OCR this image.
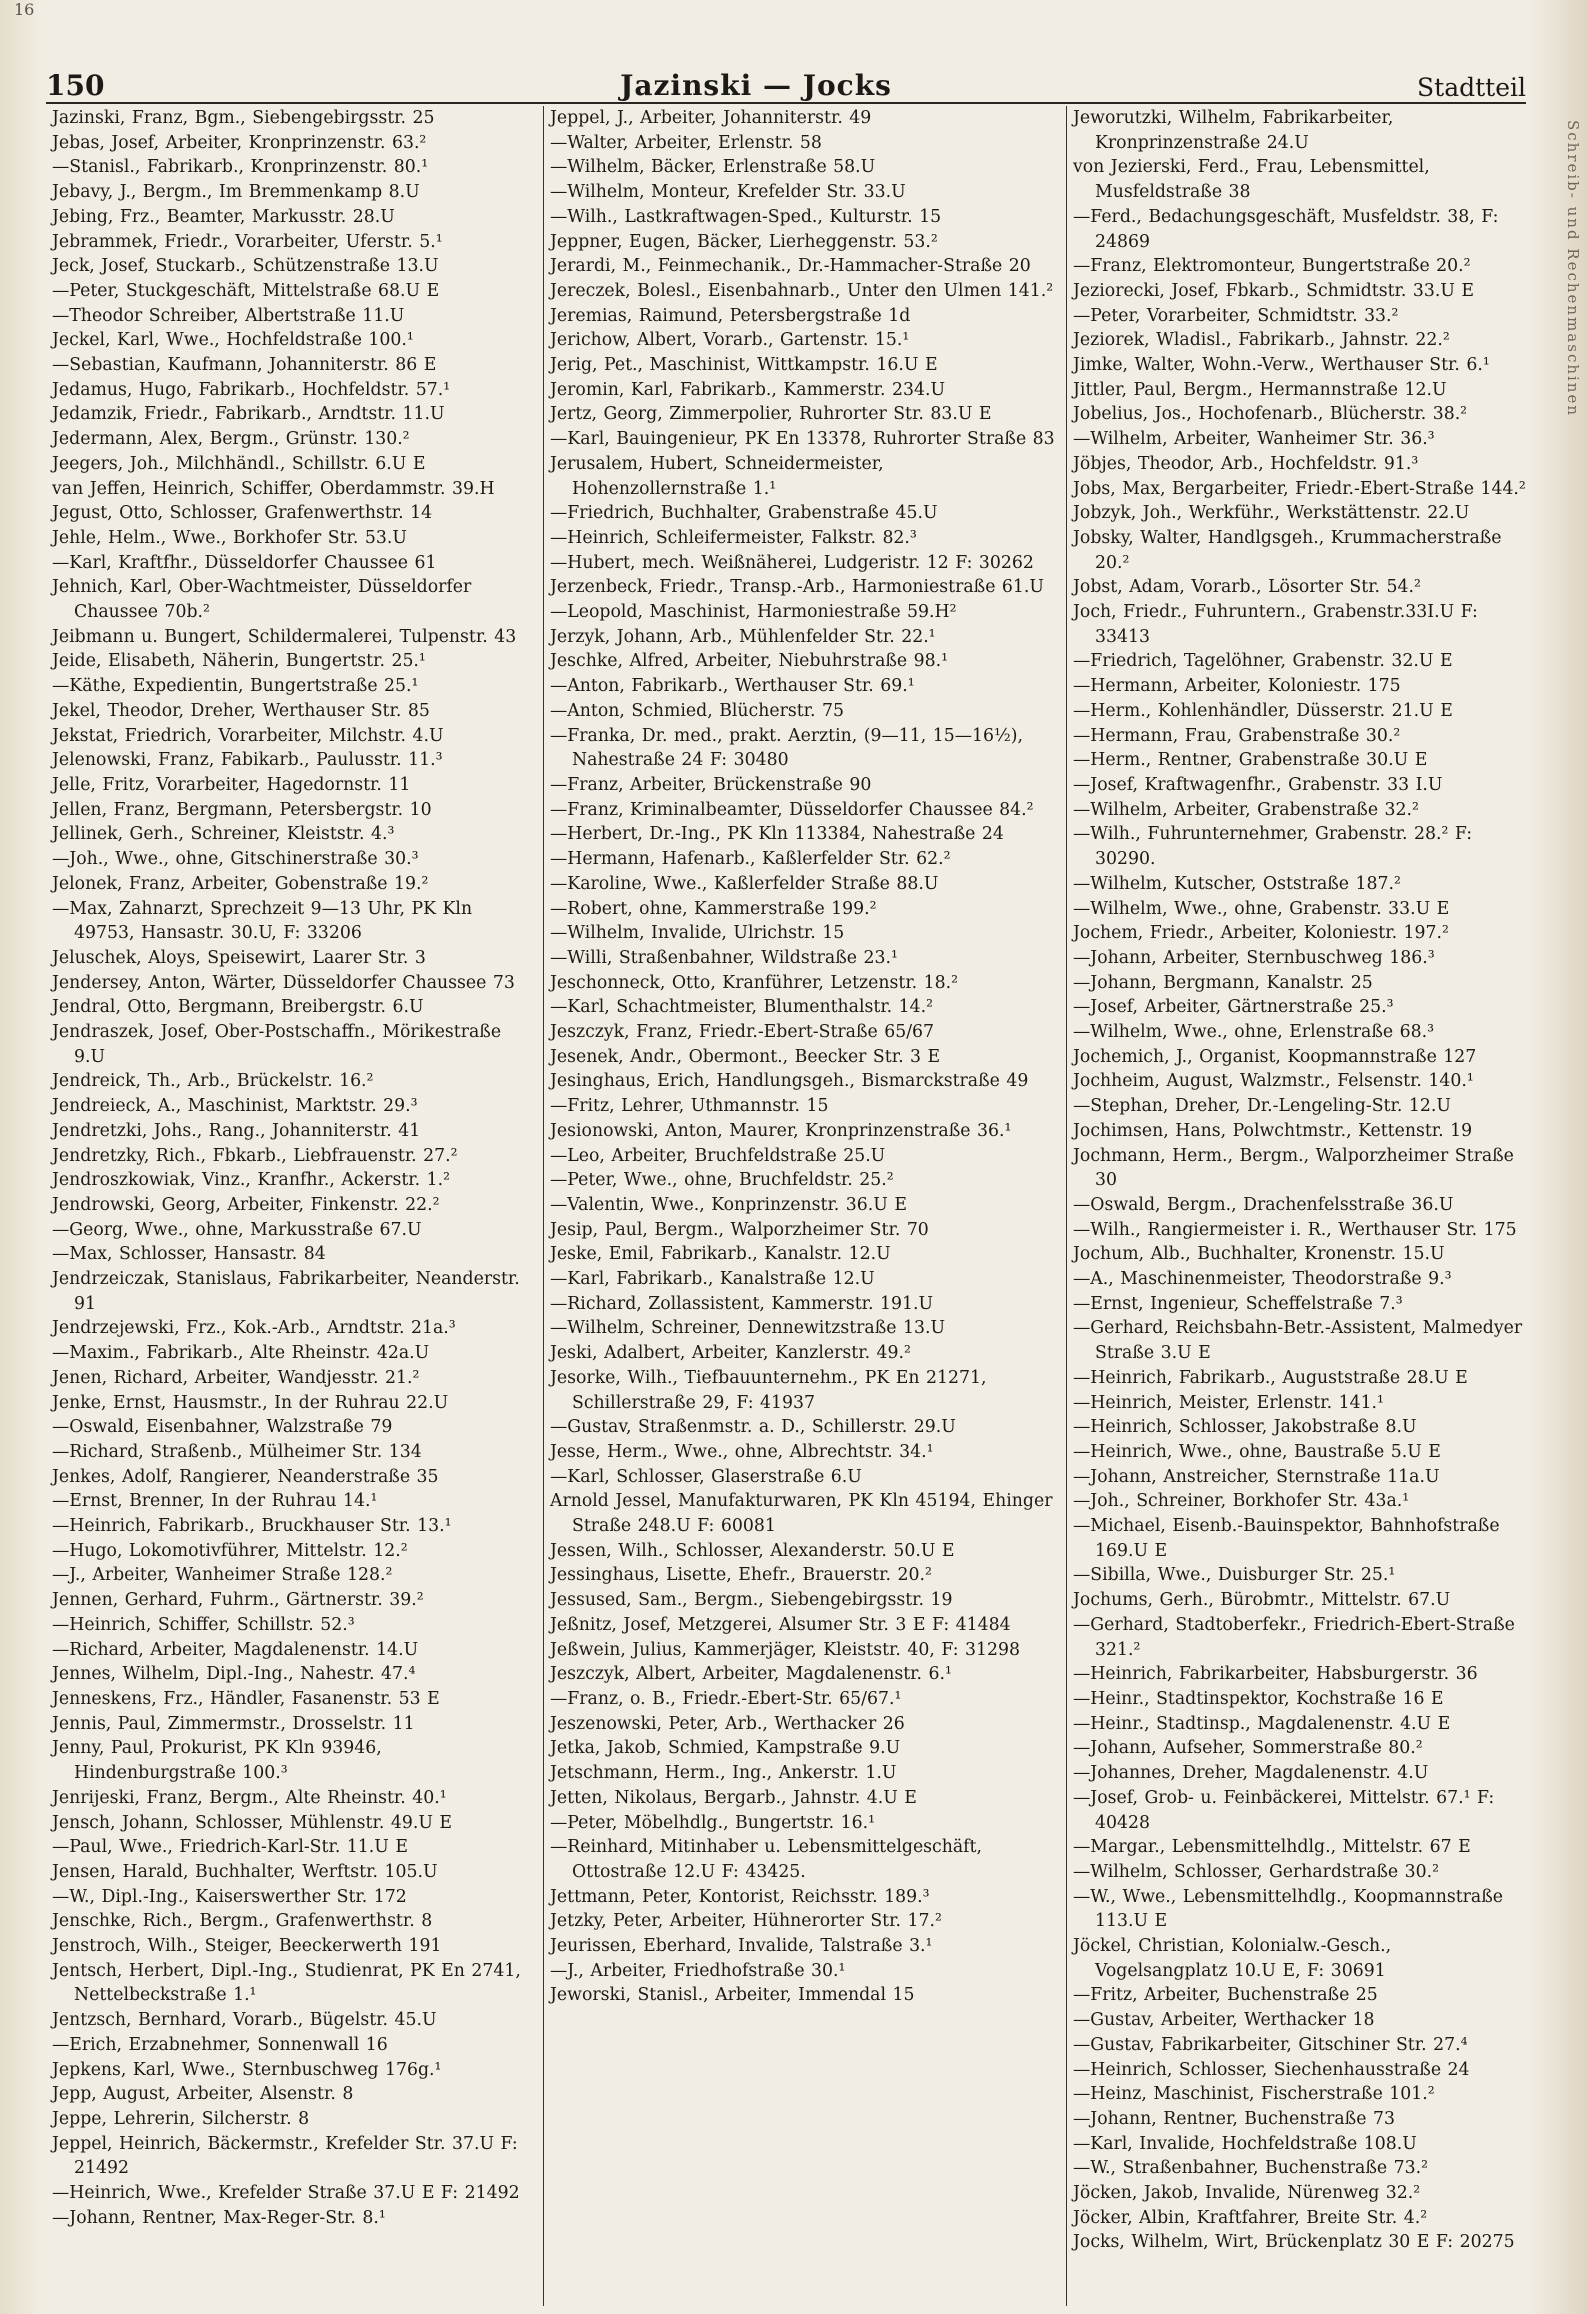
16
150	Jazinski — Jocks	Stadtteil
Jazinski, Franz, Bgm., Siebengebirgsstr. 25
Jebas, Josef, Arbeiter, Kronprinzenstr. 63.²
—Stanisl., Fabrikarb., Kronprinzenstr. 80.¹
Jebavy, J., Bergm., Im Bremmenkamp 8.U
Jebing, Frz., Beamter, Markusstr. 28.U
Jebrammek, Friedr., Vorarbeiter, Uferstr. 5.¹
Jeck, Josef, Stuckarb., Schützenstraße 13.U
—Peter, Stuckgeschäft, Mittelstraße 68.U E
—Theodor Schreiber, Albertstraße 11.U
Jeckel, Karl, Wwe., Hochfeldstraße 100.¹
—Sebastian, Kaufmann, Johanniterstr. 86 E
Jedamus, Hugo, Fabrikarb., Hochfeldstr. 57.¹
Jedamzik, Friedr., Fabrikarb., Arndtstr. 11.U
Jedermann, Alex, Bergm., Grünstr. 130.²
Jeegers, Joh., Milchhändl., Schillstr. 6.U E
van Jeffen, Heinrich, Schiffer, Oberdammstr. 39.H
Jegust, Otto, Schlosser, Grafenwerthstr. 14
Jehle, Helm., Wwe., Borkhofer Str. 53.U
—Karl, Kraftfhr., Düsseldorfer Chaussee 61
Jehnich, Karl, Ober-Wachtmeister, Düsseldorfer Chaussee 70b.²
Jeibmann u. Bungert, Schildermalerei, Tulpenstr. 43
Jeide, Elisabeth, Näherin, Bungertstr. 25.¹
—Käthe, Expedientin, Bungertstraße 25.¹
Jekel, Theodor, Dreher, Werthauser Str. 85
Jekstat, Friedrich, Vorarbeiter, Milchstr. 4.U
Jelenowski, Franz, Fabikarb., Paulusstr. 11.³
Jelle, Fritz, Vorarbeiter, Hagedornstr. 11
Jellen, Franz, Bergmann, Petersbergstr. 10
Jellinek, Gerh., Schreiner, Kleiststr. 4.³
—Joh., Wwe., ohne, Gitschinerstraße 30.³
Jelonek, Franz, Arbeiter, Gobenstraße 19.²
—Max, Zahnarzt, Sprechzeit 9—13 Uhr, PK Kln 49753, Hansastr. 30.U, F: 33206
Jeluschek, Aloys, Speisewirt, Laarer Str. 3
Jendersey, Anton, Wärter, Düsseldorfer Chaussee 73
Jendral, Otto, Bergmann, Breibergstr. 6.U
Jendraszek, Josef, Ober-Postschaffn., Mörikestraße 9.U
Jendreick, Th., Arb., Brückelstr. 16.²
Jendreieck, A., Maschinist, Marktstr. 29.³
Jendretzki, Johs., Rang., Johanniterstr. 41
Jendretzky, Rich., Fbkarb., Liebfrauenstr. 27.²
Jendroszkowiak, Vinz., Kranfhr., Ackerstr. 1.²
Jendrowski, Georg, Arbeiter, Finkenstr. 22.²
—Georg, Wwe., ohne, Markusstraße 67.U
—Max, Schlosser, Hansastr. 84
Jendrzeiczak, Stanislaus, Fabrikarbeiter, Neanderstr. 91
Jendrzejewski, Frz., Kok.-Arb., Arndtstr. 21a.³
—Maxim., Fabrikarb., Alte Rheinstr. 42a.U
Jenen, Richard, Arbeiter, Wandjesstr. 21.²
Jenke, Ernst, Hausmstr., In der Ruhrau 22.U
—Oswald, Eisenbahner, Walzstraße 79
—Richard, Straßenb., Mülheimer Str. 134
Jenkes, Adolf, Rangierer, Neanderstraße 35
—Ernst, Brenner, In der Ruhrau 14.¹
—Heinrich, Fabrikarb., Bruckhauser Str. 13.¹
—Hugo, Lokomotivführer, Mittelstr. 12.²
—J., Arbeiter, Wanheimer Straße 128.²
Jennen, Gerhard, Fuhrm., Gärtnerstr. 39.²
—Heinrich, Schiffer, Schillstr. 52.³
—Richard, Arbeiter, Magdalenenstr. 14.U
Jennes, Wilhelm, Dipl.-Ing., Nahestr. 47.⁴
Jenneskens, Frz., Händler, Fasanenstr. 53 E
Jennis, Paul, Zimmermstr., Drosselstr. 11
Jenny, Paul, Prokurist, PK Kln 93946, Hindenburgstraße 100.³
Jenrijeski, Franz, Bergm., Alte Rheinstr. 40.¹
Jensch, Johann, Schlosser, Mühlenstr. 49.U E
—Paul, Wwe., Friedrich-Karl-Str. 11.U E
Jensen, Harald, Buchhalter, Werftstr. 105.U
—W., Dipl.-Ing., Kaiserswerther Str. 172
Jenschke, Rich., Bergm., Grafenwerthstr. 8
Jenstroch, Wilh., Steiger, Beeckerwerth 191
Jentsch, Herbert, Dipl.-Ing., Studienrat, PK En 2741, Nettelbeckstraße 1.¹
Jentzsch, Bernhard, Vorarb., Bügelstr. 45.U
—Erich, Erzabnehmer, Sonnenwall 16
Jepkens, Karl, Wwe., Sternbuschweg 176g.¹
Jepp, August, Arbeiter, Alsenstr. 8
Jeppe, Lehrerin, Silcherstr. 8
Jeppel, Heinrich, Bäckermstr., Krefelder Str. 37.U F: 21492
—Heinrich, Wwe., Krefelder Straße 37.U E F: 21492
—Johann, Rentner, Max-Reger-Str. 8.¹
Jeppel, J., Arbeiter, Johanniterstr. 49
—Walter, Arbeiter, Erlenstr. 58
—Wilhelm, Bäcker, Erlenstraße 58.U
—Wilhelm, Monteur, Krefelder Str. 33.U
—Wilh., Lastkraftwagen-Sped., Kulturstr. 15
Jeppner, Eugen, Bäcker, Lierheggenstr. 53.²
Jerardi, M., Feinmechanik., Dr.-Hammacher-Straße 20
Jereczek, Bolesl., Eisenbahnarb., Unter den Ulmen 141.²
Jeremias, Raimund, Petersbergstraße 1d
Jerichow, Albert, Vorarb., Gartenstr. 15.¹
Jerig, Pet., Maschinist, Wittkampstr. 16.U E
Jeromin, Karl, Fabrikarb., Kammerstr. 234.U
Jertz, Georg, Zimmerpolier, Ruhrorter Str. 83.U E
—Karl, Bauingenieur, PK En 13378, Ruhrorter Straße 83
Jerusalem, Hubert, Schneidermeister, Hohenzollernstraße 1.¹
—Friedrich, Buchhalter, Grabenstraße 45.U
—Heinrich, Schleifermeister, Falkstr. 82.³
—Hubert, mech. Weißnäherei, Ludgeristr. 12 F: 30262
Jerzenbeck, Friedr., Transp.-Arb., Harmoniestraße 61.U
—Leopold, Maschinist, Harmoniestraße 59.H²
Jerzyk, Johann, Arb., Mühlenfelder Str. 22.¹
Jeschke, Alfred, Arbeiter, Niebuhrstraße 98.¹
—Anton, Fabrikarb., Werthauser Str. 69.¹
—Anton, Schmied, Blücherstr. 75
—Franka, Dr. med., prakt. Aerztin, (9—11, 15—16½), Nahestraße 24 F: 30480
—Franz, Arbeiter, Brückenstraße 90
—Franz, Kriminalbeamter, Düsseldorfer Chaussee 84.²
—Herbert, Dr.-Ing., PK Kln 113384, Nahestraße 24
—Hermann, Hafenarb., Kaßlerfelder Str. 62.²
—Karoline, Wwe., Kaßlerfelder Straße 88.U
—Robert, ohne, Kammerstraße 199.²
—Wilhelm, Invalide, Ulrichstr. 15
—Willi, Straßenbahner, Wildstraße 23.¹
Jeschonneck, Otto, Kranführer, Letzenstr. 18.²
—Karl, Schachtmeister, Blumenthalstr. 14.²
Jeszczyk, Franz, Friedr.-Ebert-Straße 65/67
Jesenek, Andr., Obermont., Beecker Str. 3 E
Jesinghaus, Erich, Handlungsgeh., Bismarckstraße 49
—Fritz, Lehrer, Uthmannstr. 15
Jesionowski, Anton, Maurer, Kronprinzenstraße 36.¹
—Leo, Arbeiter, Bruchfeldstraße 25.U
—Peter, Wwe., ohne, Bruchfeldstr. 25.²
—Valentin, Wwe., Konprinzenstr. 36.U E
Jesip, Paul, Bergm., Walporzheimer Str. 70
Jeske, Emil, Fabrikarb., Kanalstr. 12.U
—Karl, Fabrikarb., Kanalstraße 12.U
—Richard, Zollassistent, Kammerstr. 191.U
—Wilhelm, Schreiner, Dennewitzstraße 13.U
Jeski, Adalbert, Arbeiter, Kanzlerstr. 49.²
Jesorke, Wilh., Tiefbauunternehm., PK En 21271, Schillerstraße 29, F: 41937
—Gustav, Straßenmstr. a. D., Schillerstr. 29.U
Jesse, Herm., Wwe., ohne, Albrechtstr. 34.¹
—Karl, Schlosser, Glaserstraße 6.U
Arnold Jessel, Manufakturwaren, PK Kln 45194, Ehinger Straße 248.U F: 60081
Jessen, Wilh., Schlosser, Alexanderstr. 50.U E
Jessinghaus, Lisette, Ehefr., Brauerstr. 20.²
Jessused, Sam., Bergm., Siebengebirgsstr. 19
Jeßnitz, Josef, Metzgerei, Alsumer Str. 3 E F: 41484
Jeßwein, Julius, Kammerjäger, Kleiststr. 40, F: 31298
Jeszczyk, Albert, Arbeiter, Magdalenenstr. 6.¹
—Franz, o. B., Friedr.-Ebert-Str. 65/67.¹
Jeszenowski, Peter, Arb., Werthacker 26
Jetka, Jakob, Schmied, Kampstraße 9.U
Jetschmann, Herm., Ing., Ankerstr. 1.U
Jetten, Nikolaus, Bergarb., Jahnstr. 4.U E
—Peter, Möbelhdlg., Bungertstr. 16.¹
—Reinhard, Mitinhaber u. Lebensmittelgeschäft, Ottostraße 12.U F: 43425.
Jettmann, Peter, Kontorist, Reichsstr. 189.³
Jetzky, Peter, Arbeiter, Hühnerorter Str. 17.²
Jeurissen, Eberhard, Invalide, Talstraße 3.¹
—J., Arbeiter, Friedhofstraße 30.¹
Jeworski, Stanisl., Arbeiter, Immendal 15
Jeworutzki, Wilhelm, Fabrikarbeiter, Kronprinzenstraße 24.U
von Jezierski, Ferd., Frau, Lebensmittel, Musfeldstraße 38
—Ferd., Bedachungsgeschäft, Musfeldstr. 38, F: 24869
—Franz, Elektromonteur, Bungertstraße 20.²
Jeziorecki, Josef, Fbkarb., Schmidtstr. 33.U E
—Peter, Vorarbeiter, Schmidtstr. 33.²
Jeziorek, Wladisl., Fabrikarb., Jahnstr. 22.²
Jimke, Walter, Wohn.-Verw., Werthauser Str. 6.¹
Jittler, Paul, Bergm., Hermannstraße 12.U
Jobelius, Jos., Hochofenarb., Blücherstr. 38.²
—Wilhelm, Arbeiter, Wanheimer Str. 36.³
Jöbjes, Theodor, Arb., Hochfeldstr. 91.³
Jobs, Max, Bergarbeiter, Friedr.-Ebert-Straße 144.²
Jobzyk, Joh., Werkführ., Werkstättenstr. 22.U
Jobsky, Walter, Handlgsgeh., Krummacherstraße 20.²
Jobst, Adam, Vorarb., Lösorter Str. 54.²
Joch, Friedr., Fuhruntern., Grabenstr.33I.U F: 33413
—Friedrich, Tagelöhner, Grabenstr. 32.U E
—Hermann, Arbeiter, Koloniestr. 175
—Herm., Kohlenhändler, Düsserstr. 21.U E
—Hermann, Frau, Grabenstraße 30.²
—Herm., Rentner, Grabenstraße 30.U E
—Josef, Kraftwagenfhr., Grabenstr. 33 I.U
—Wilhelm, Arbeiter, Grabenstraße 32.²
—Wilh., Fuhrunternehmer, Grabenstr. 28.² F: 30290.
—Wilhelm, Kutscher, Oststraße 187.²
—Wilhelm, Wwe., ohne, Grabenstr. 33.U E
Jochem, Friedr., Arbeiter, Koloniestr. 197.²
—Johann, Arbeiter, Sternbuschweg 186.³
—Johann, Bergmann, Kanalstr. 25
—Josef, Arbeiter, Gärtnerstraße 25.³
—Wilhelm, Wwe., ohne, Erlenstraße 68.³
Jochemich, J., Organist, Koopmannstraße 127
Jochheim, August, Walzmstr., Felsenstr. 140.¹
—Stephan, Dreher, Dr.-Lengeling-Str. 12.U
Jochimsen, Hans, Polwchtmstr., Kettenstr. 19
Jochmann, Herm., Bergm., Walporzheimer Straße 30
—Oswald, Bergm., Drachenfelsstraße 36.U
—Wilh., Rangiermeister i. R., Werthauser Str. 175
Jochum, Alb., Buchhalter, Kronenstr. 15.U
—A., Maschinenmeister, Theodorstraße 9.³
—Ernst, Ingenieur, Scheffelstraße 7.³
—Gerhard, Reichsbahn-Betr.-Assistent, Malmedyer Straße 3.U E
—Heinrich, Fabrikarb., Auguststraße 28.U E
—Heinrich, Meister, Erlenstr. 141.¹
—Heinrich, Schlosser, Jakobstraße 8.U
—Heinrich, Wwe., ohne, Baustraße 5.U E
—Johann, Anstreicher, Sternstraße 11a.U
—Joh., Schreiner, Borkhofer Str. 43a.¹
—Michael, Eisenb.-Bauinspektor, Bahnhofstraße 169.U E
—Sibilla, Wwe., Duisburger Str. 25.¹
Jochums, Gerh., Bürobmtr., Mittelstr. 67.U
—Gerhard, Stadtoberfekr., Friedrich-Ebert-Straße 321.²
—Heinrich, Fabrikarbeiter, Habsburgerstr. 36
—Heinr., Stadtinspektor, Kochstraße 16 E
—Heinr., Stadtinsp., Magdalenenstr. 4.U E
—Johann, Aufseher, Sommerstraße 80.²
—Johannes, Dreher, Magdalenenstr. 4.U
—Josef, Grob- u. Feinbäckerei, Mittelstr. 67.¹ F: 40428
—Margar., Lebensmittelhdlg., Mittelstr. 67 E
—Wilhelm, Schlosser, Gerhardstraße 30.²
—W., Wwe., Lebensmittelhdlg., Koopmannstraße 113.U E
Jöckel, Christian, Kolonialw.-Gesch., Vogelsangplatz 10.U E, F: 30691
—Fritz, Arbeiter, Buchenstraße 25
—Gustav, Arbeiter, Werthacker 18
—Gustav, Fabrikarbeiter, Gitschiner Str. 27.⁴
—Heinrich, Schlosser, Siechenhausstraße 24
—Heinz, Maschinist, Fischerstraße 101.²
—Johann, Rentner, Buchenstraße 73
—Karl, Invalide, Hochfeldstraße 108.U
—W., Straßenbahner, Buchenstraße 73.²
Jöcken, Jakob, Invalide, Nürenweg 32.²
Jöcker, Albin, Kraftfahrer, Breite Str. 4.²
Jocks, Wilhelm, Wirt, Brückenplatz 30 E F: 20275
Schreib- und Rechenmaschinen
